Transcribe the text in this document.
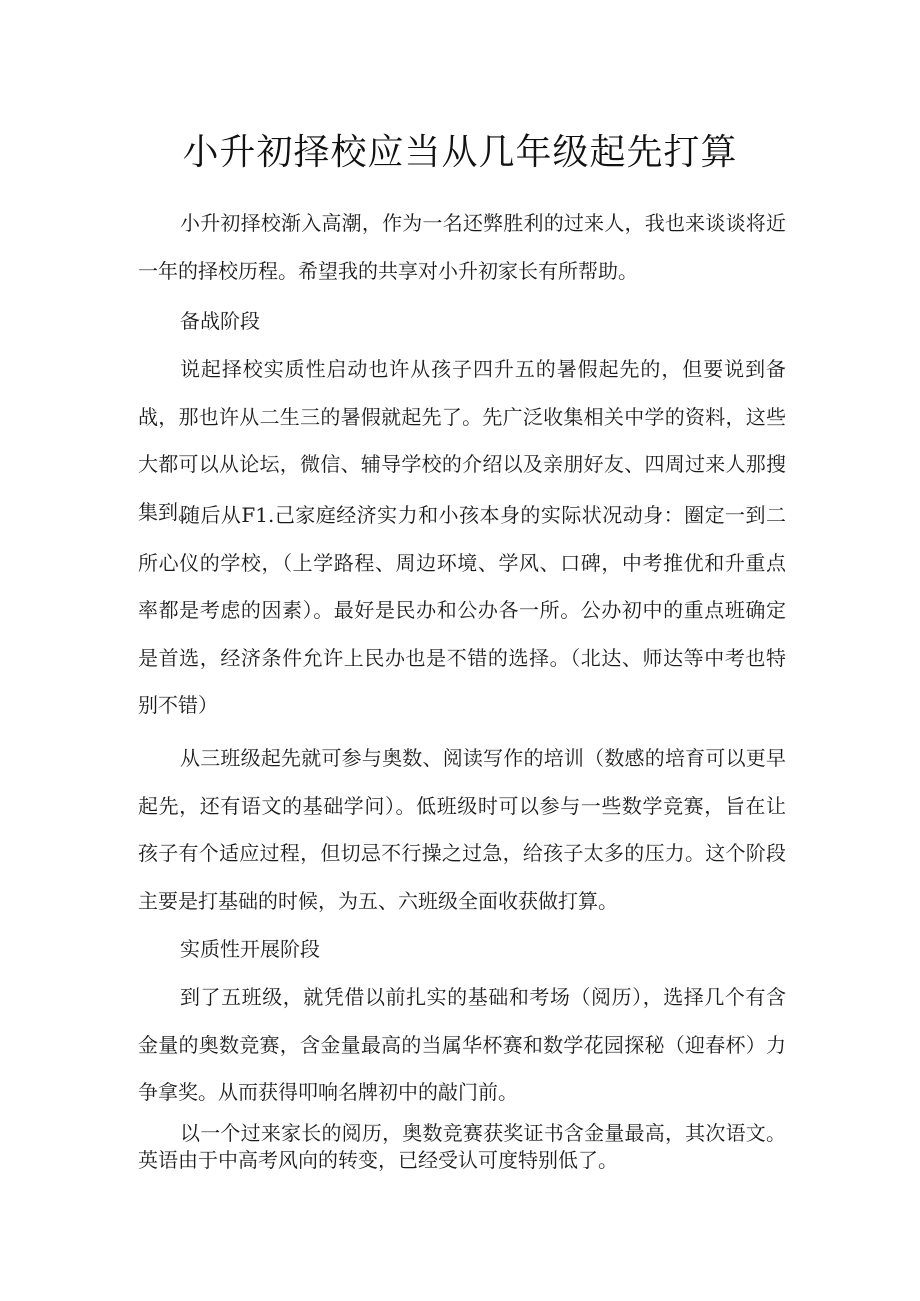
小升初择校应当从几年级起先打算
小升初择校渐入高潮，作为一名还弊胜利的过来人，我也来谈谈将近一年的择校历程。希望我的共享对小升初家长有所帮助。
备战阶段
说起择校实质性启动也许从孩子四升五的暑假起先的，但要说到备战，那也许从二生三的暑假就起先了。先广泛收集相关中学的资料，这些大都可以从论坛，微信、辅导学校的介绍以及亲朋好友、四周过来人那搜集到。
随后从F1.己家庭经济实力和小孩本身的实际状况动身：圈定一到二所心仪的学校，（上学路程、周边环境、学风、口碑，中考推优和升重点率都是考虑的因素）。最好是民办和公办各一所。公办初中的重点班确定是首选，经济条件允许上民办也是不错的选择。（北达、师达等中考也特别不错）
从三班级起先就可参与奥数、阅读写作的培训（数感的培育可以更早起先，还有语文的基础学问）。低班级时可以参与一些数学竞赛，旨在让孩子有个适应过程，但切忌不行操之过急，给孩子太多的压力。这个阶段主要是打基础的时候，为五、六班级全面收获做打算。
实质性开展阶段
到了五班级，就凭借以前扎实的基础和考场（阅历），选择几个有含金量的奥数竞赛，含金量最高的当属华杯赛和数学花园探秘（迎春杯）力争拿奖。从而获得叩响名牌初中的敲门前。
以一个过来家长的阅历，奥数竞赛获奖证书含金量最高，其次语文。英语由于中高考风向的转变，已经受认可度特别低了。
